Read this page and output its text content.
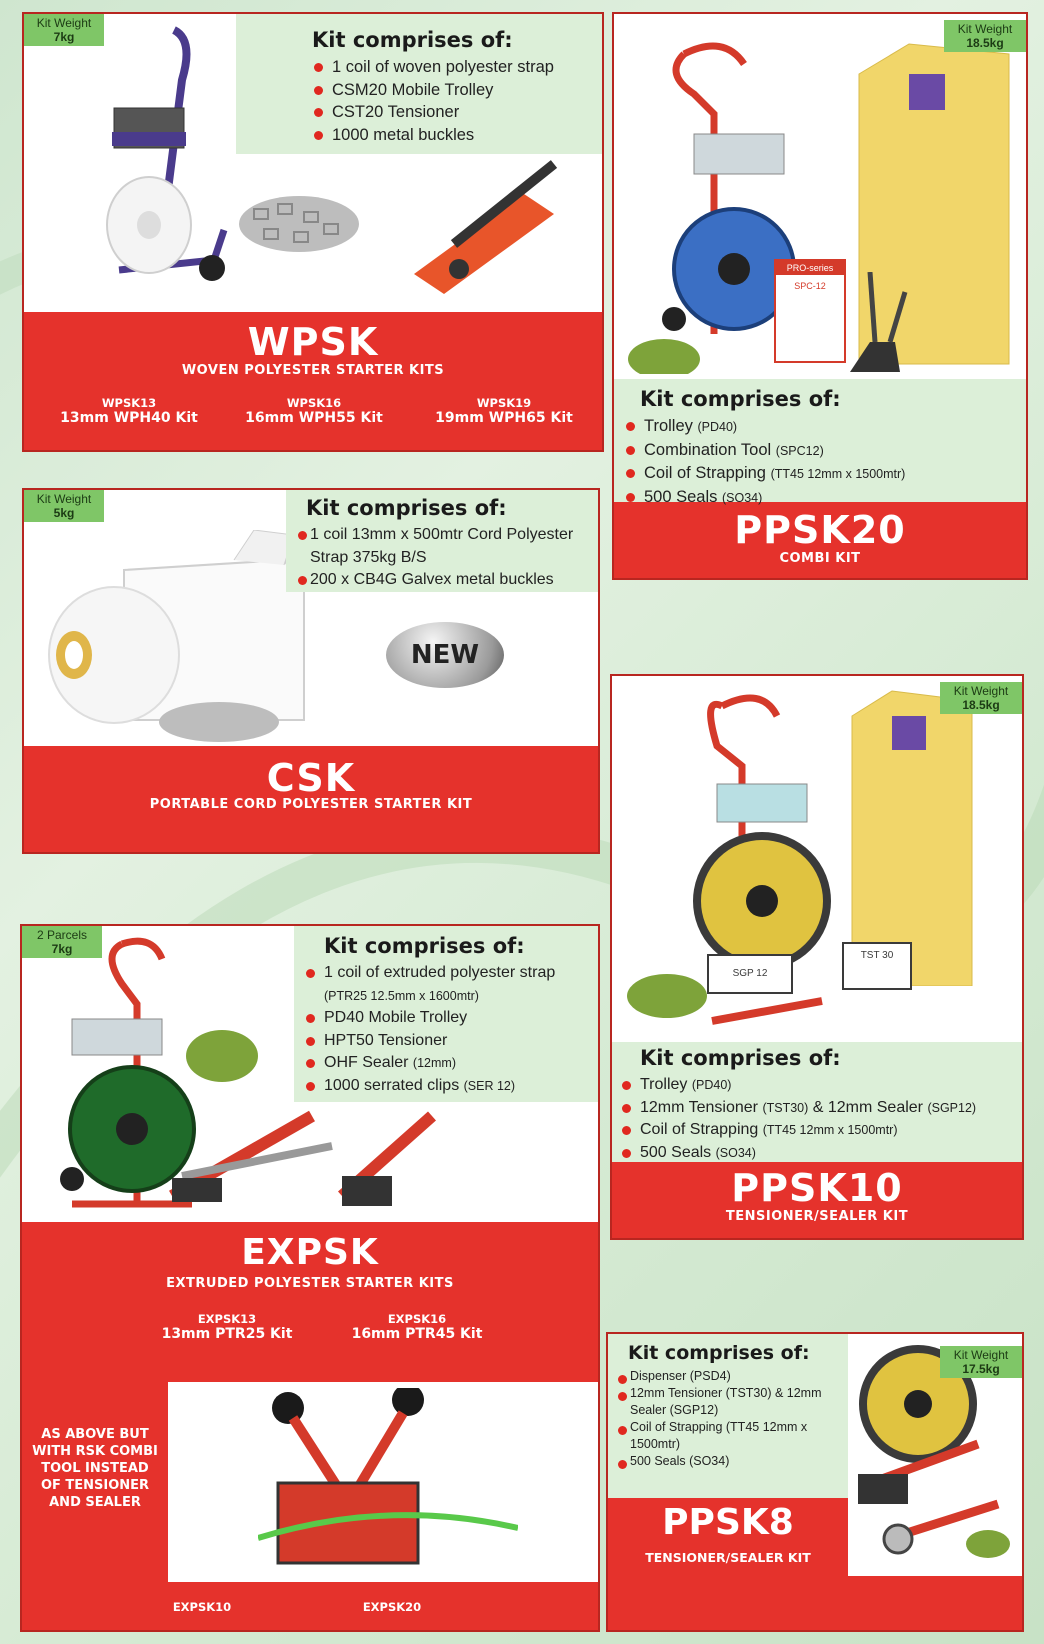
Kit comprises of:
1 coil of woven polyester strap
CSM20 Mobile Trolley
CST20 Tensioner
1000 metal buckles
Kit Weight
7kg
WPSK
WOVEN POLYESTER STARTER KITS
WPSK13
13mm WPH40 Kit
WPSK16
16mm WPH55 Kit
WPSK19
19mm WPH65 Kit
PRO-series
SPC-12
Kit Weight
18.5kg
Kit comprises of:
Trolley (PD40)
Combination Tool (SPC12)
Coil of Strapping (TT45 12mm x 1500mtr)
500 Seals (SO34)
PPSK20
COMBI KIT
NEW
Kit comprises of:
1 coil 13mm x 500mtr Cord Polyester Strap 375kg B/S
200 x CB4G Galvex metal buckles
Kit Weight
5kg
CSK
PORTABLE CORD POLYESTER STARTER KIT
SGP 12
TST 30
Kit Weight
18.5kg
Kit comprises of:
Trolley (PD40)
12mm Tensioner (TST30) & 12mm Sealer (SGP12)
Coil of Strapping (TT45 12mm x 1500mtr)
500 Seals (SO34)
PPSK10
TENSIONER/SEALER KIT
Kit comprises of:
1 coil of extruded polyester strap (PTR25 12.5mm x 1600mtr)
PD40 Mobile Trolley
HPT50 Tensioner
OHF Sealer (12mm)
1000 serrated clips (SER 12)
2 Parcels
7kg
EXPSK
EXTRUDED POLYESTER STARTER KITS
EXPSK13
13mm PTR25 Kit
EXPSK16
16mm PTR45 Kit
AS ABOVE BUT WITH RSK COMBI TOOL INSTEAD OF TENSIONER AND SEALER
EXPSK10	EXPSK20
Kit comprises of:
Dispenser (PSD4)
12mm Tensioner (TST30) & 12mm Sealer (SGP12)
Coil of Strapping (TT45 12mm x 1500mtr)
500 Seals (SO34)
Kit Weight
17.5kg
PPSK8
TENSIONER/SEALER KIT
